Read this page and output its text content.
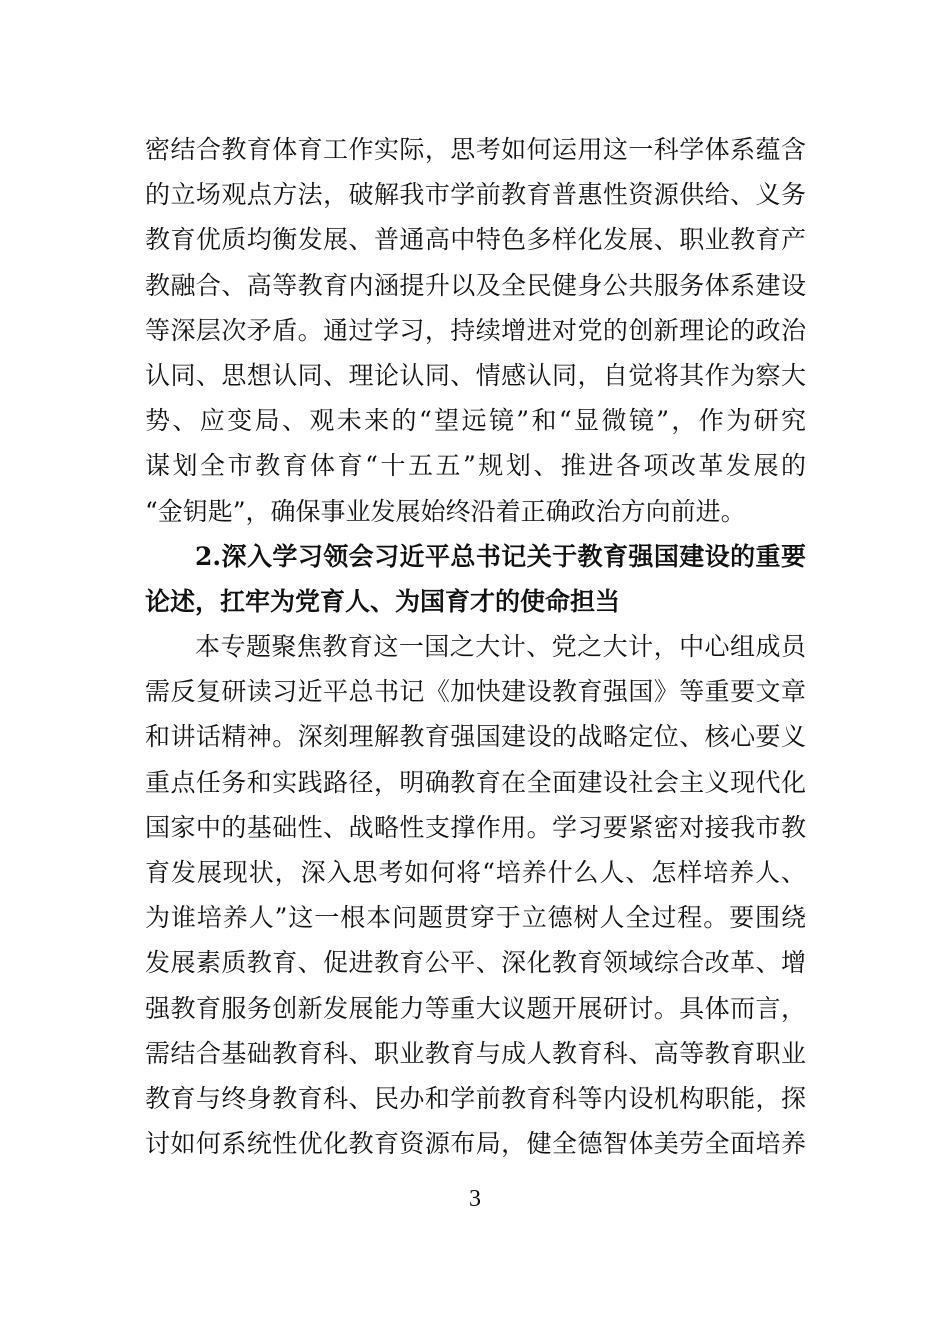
密结合教育体育工作实际，思考如何运用这一科学体系蕴含
的立场观点方法，破解我市学前教育普惠性资源供给、义务
教育优质均衡发展、普通高中特色多样化发展、职业教育产
教融合、高等教育内涵提升以及全民健身公共服务体系建设
等深层次矛盾。通过学习，持续增进对党的创新理论的政治
认同、思想认同、理论认同、情感认同，自觉将其作为察大
势、应变局、观未来的“望远镜”和“显微镜”，作为研究
谋划全市教育体育“十五五”规划、推进各项改革发展的
“金钥匙”，确保事业发展始终沿着正确政治方向前进。
2.深入学习领会习近平总书记关于教育强国建设的重要
论述，扛牢为党育人、为国育才的使命担当
本专题聚焦教育这一国之大计、党之大计，中心组成员
需反复研读习近平总书记《加快建设教育强国》等重要文章
和讲话精神。深刻理解教育强国建设的战略定位、核心要义
重点任务和实践路径，明确教育在全面建设社会主义现代化
国家中的基础性、战略性支撑作用。学习要紧密对接我市教
育发展现状，深入思考如何将“培养什么人、怎样培养人、
为谁培养人”这一根本问题贯穿于立德树人全过程。要围绕
发展素质教育、促进教育公平、深化教育领域综合改革、增
强教育服务创新发展能力等重大议题开展研讨。具体而言，
需结合基础教育科、职业教育与成人教育科、高等教育职业
教育与终身教育科、民办和学前教育科等内设机构职能，探
讨如何系统性优化教育资源布局，健全德智体美劳全面培养
3
